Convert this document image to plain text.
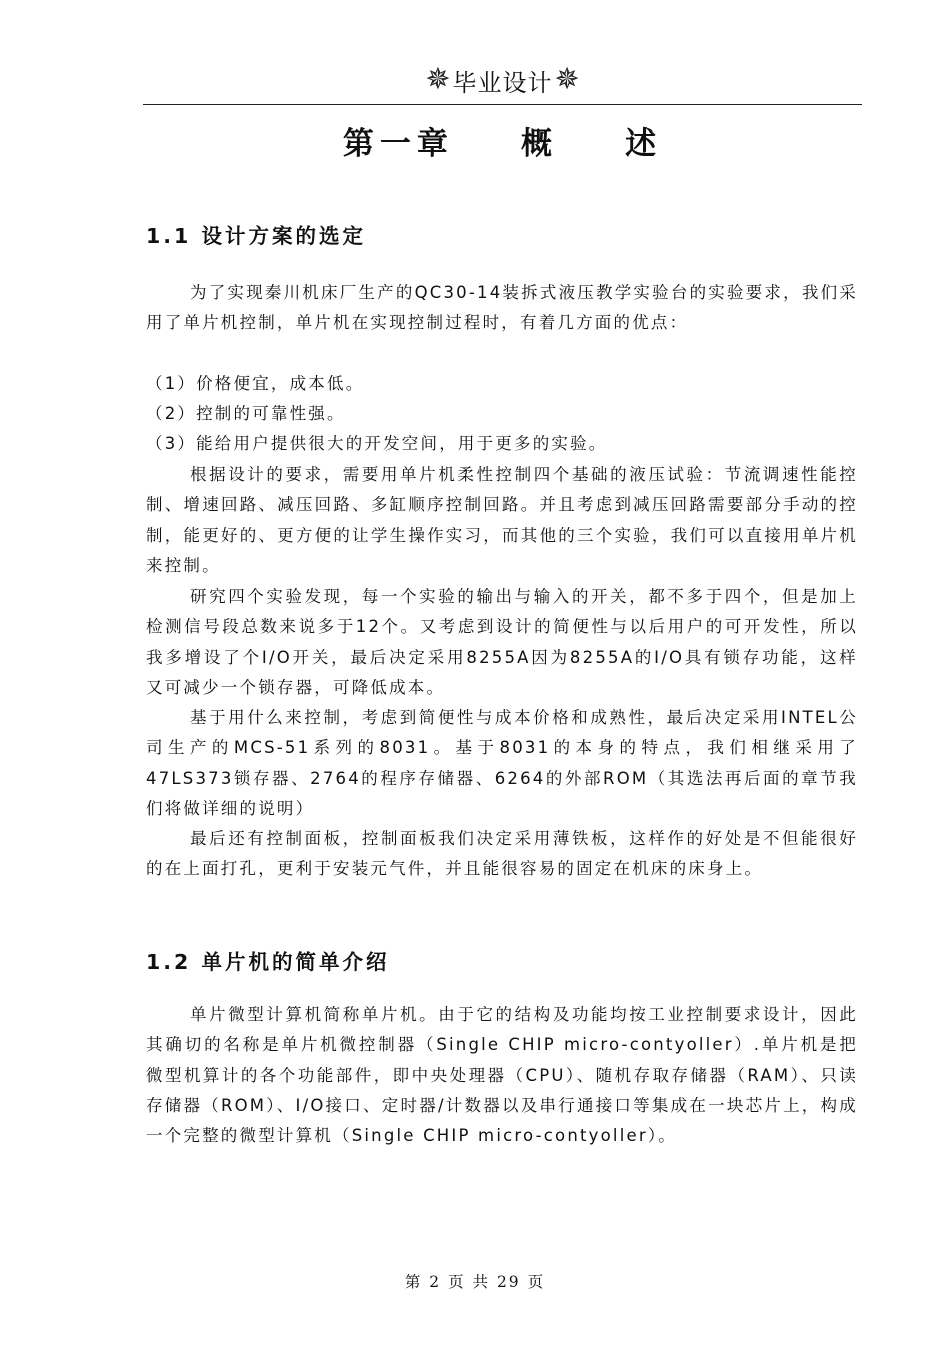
✵ 毕业设计 ✵
第一章    概    述
1.1 设计方案的选定

为了实现秦川机床厂生产的QC30-14装拆式液压教学实验台的实验要求，我们采用了单片机控制，单片机在实现控制过程时，有着几方面的优点：

（1）价格便宜，成本低。

（2）控制的可靠性强。

（3）能给用户提供很大的开发空间，用于更多的实验。

根据设计的要求，需要用单片机柔性控制四个基础的液压试验：节流调速性能控制、增速回路、减压回路、多缸顺序控制回路。并且考虑到减压回路需要部分手动的控制，能更好的、更方便的让学生操作实习，而其他的三个实验，我们可以直接用单片机来控制。

研究四个实验发现，每一个实验的输出与输入的开关，都不多于四个，但是加上检测信号段总数来说多于12个。又考虑到设计的简便性与以后用户的可开发性，所以我多增设了个I/O开关，最后决定采用8255A因为8255A的I/O具有锁存功能，这样又可减少一个锁存器，可降低成本。

基于用什么来控制，考虑到简便性与成本价格和成熟性，最后决定采用INTEL公司生产的MCS-51系列的8031。基于8031的本身的特点，我们相继采用了47LS373锁存器、2764的程序存储器、6264的外部ROM（其选法再后面的章节我们将做详细的说明）

最后还有控制面板，控制面板我们决定采用薄铁板，这样作的好处是不但能很好的在上面打孔，更利于安装元气件，并且能很容易的固定在机床的床身上。

1.2 单片机的简单介绍

单片微型计算机简称单片机。由于它的结构及功能均按工业控制要求设计，因此其确切的名称是单片机微控制器（Single CHIP micro-contyoller）.单片机是把微型机算计的各个功能部件，即中央处理器（CPU）、随机存取存储器（RAM）、只读存储器（ROM）、I/O接口、定时器/计数器以及串行通接口等集成在一块芯片上，构成一个完整的微型计算机（Single CHIP micro-contyoller）。

第 2 页 共 29 页
